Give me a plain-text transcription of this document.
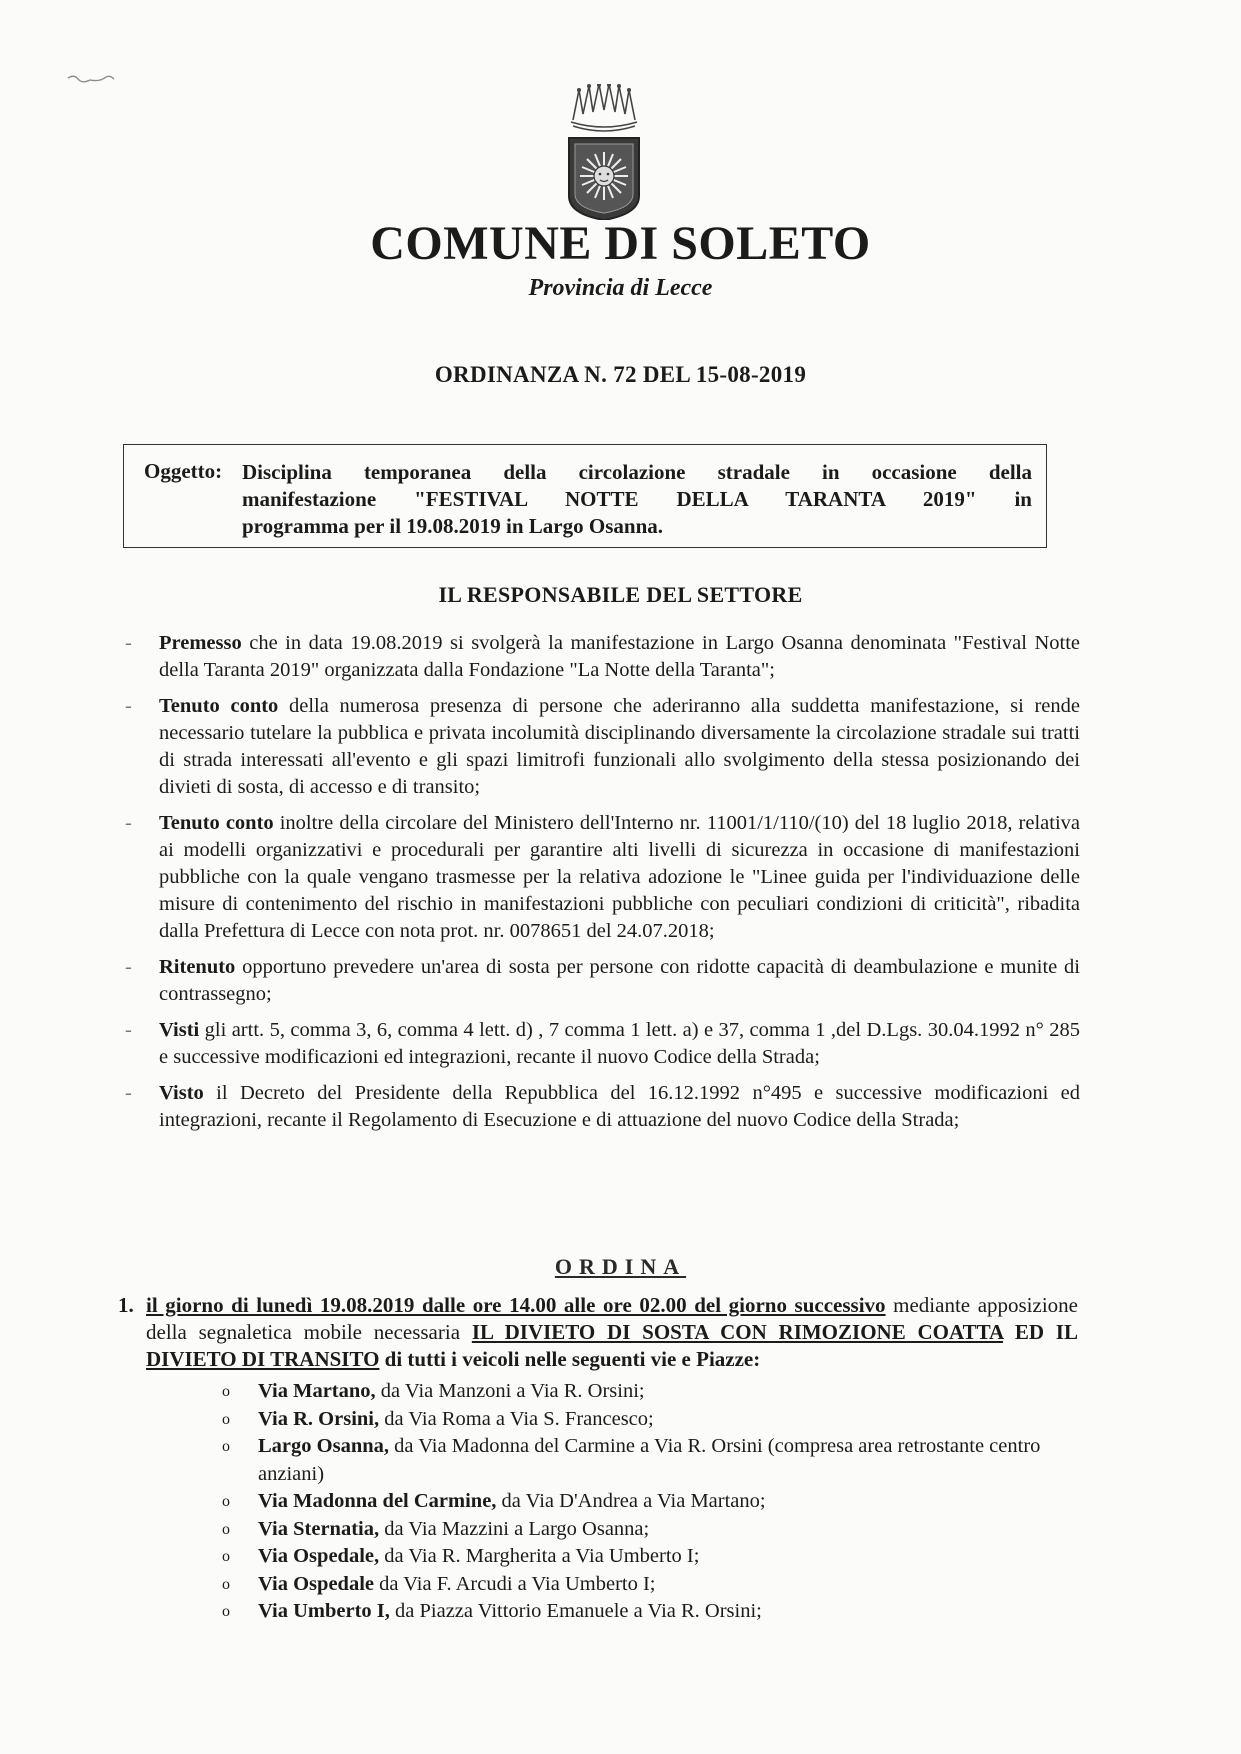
COMUNE DI SOLETO
Provincia di Lecce
ORDINANZA N. 72 DEL 15-08-2019
Oggetto: Disciplina temporanea della circolazione stradale in occasione della
manifestazione "FESTIVAL NOTTE DELLA TARANTA 2019" in
programma per il 19.08.2019 in Largo Osanna.
IL RESPONSABILE DEL SETTORE
- Premesso che in data 19.08.2019 si svolgerà la manifestazione in Largo Osanna denominata "Festival Notte della Taranta 2019" organizzata dalla Fondazione "La Notte della Taranta";

- Tenuto conto della numerosa presenza di persone che aderiranno alla suddetta manifestazione, si rende necessario tutelare la pubblica e privata incolumità disciplinando diversamente la circolazione stradale sui tratti di strada interessati all'evento e gli spazi limitrofi funzionali allo svolgimento della stessa posizionando dei divieti di sosta, di accesso e di transito;

- Tenuto conto inoltre della circolare del Ministero dell'Interno nr. 11001/1/110/(10) del 18 luglio 2018, relativa ai modelli organizzativi e procedurali per garantire alti livelli di sicurezza in occasione di manifestazioni pubbliche con la quale vengano trasmesse per la relativa adozione le "Linee guida per l'individuazione delle misure di contenimento del rischio in manifestazioni pubbliche con peculiari condizioni di criticità", ribadita dalla Prefettura di Lecce con nota prot. nr. 0078651 del 24.07.2018;

- Ritenuto opportuno prevedere un'area di sosta per persone con ridotte capacità di deambulazione e munite di contrassegno;

- Visti gli artt. 5, comma 3, 6, comma 4 lett. d) , 7 comma 1 lett. a) e 37, comma 1 ,del D.Lgs. 30.04.1992 n° 285 e successive modificazioni ed integrazioni, recante il nuovo Codice della Strada;

- Visto il Decreto del Presidente della Repubblica del 16.12.1992 n°495 e successive modificazioni ed integrazioni, recante il Regolamento di Esecuzione e di attuazione del nuovo Codice della Strada;

ORDINA
1. il giorno di lunedì 19.08.2019 dalle ore 14.00 alle ore 02.00 del giorno successivo mediante apposizione della segnaletica mobile necessaria IL DIVIETO DI SOSTA CON RIMOZIONE COATTA ED IL DIVIETO DI TRANSITO di tutti i veicoli nelle seguenti vie e Piazze:
o Via Martano, da Via Manzoni a Via R. Orsini;
o Via R. Orsini, da Via Roma a Via S. Francesco;
o Largo Osanna, da Via Madonna del Carmine a Via R. Orsini (compresa area retrostante centro anziani)
o Via Madonna del Carmine, da Via D'Andrea a Via Martano;
o Via Sternatia, da Via Mazzini a Largo Osanna;
o Via Ospedale, da Via R. Margherita a Via Umberto I;
o Via Ospedale da Via F. Arcudi a Via Umberto I;
o Via Umberto I, da Piazza Vittorio Emanuele a Via R. Orsini;
